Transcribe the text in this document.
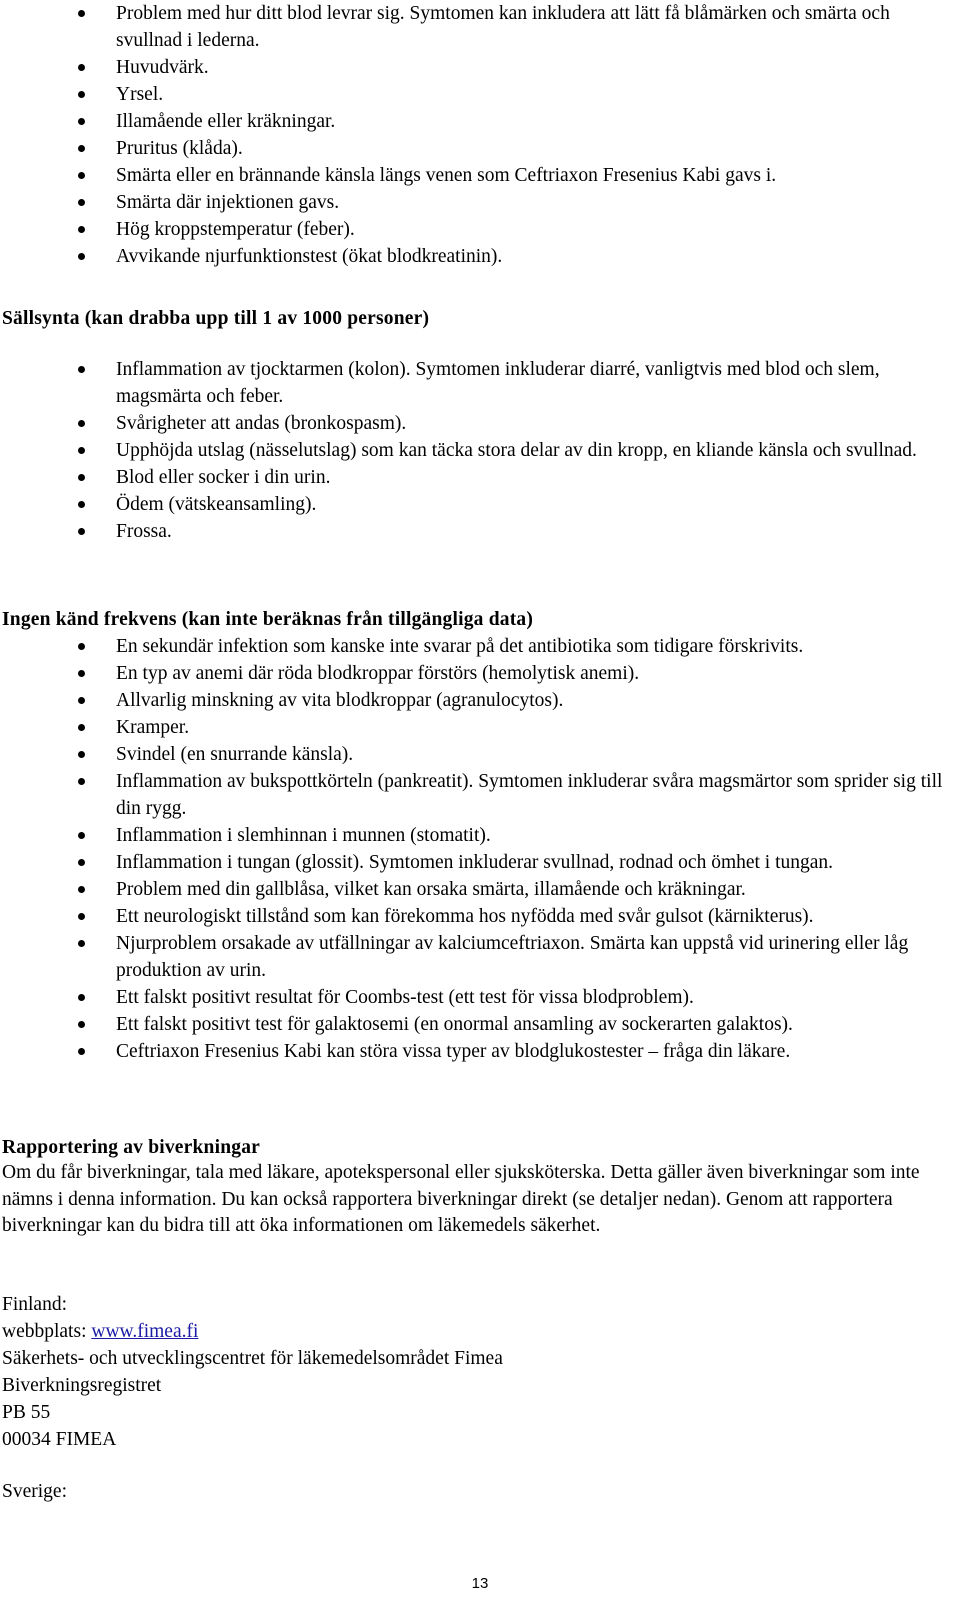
Problem med hur ditt blod levrar sig. Symtomen kan inkludera att lätt få blåmärken och smärta och svullnad i lederna.
Huvudvärk.
Yrsel.
Illamående eller kräkningar.
Pruritus (klåda).
Smärta eller en brännande känsla längs venen som Ceftriaxon Fresenius Kabi gavs i.
Smärta där injektionen gavs.
Hög kroppstemperatur (feber).
Avvikande njurfunktionstest (ökat blodkreatinin).
Sällsynta (kan drabba upp till 1 av 1000 personer)
Inflammation av tjocktarmen (kolon). Symtomen inkluderar diarré, vanligtvis med blod och slem, magsmärta och feber.
Svårigheter att andas (bronkospasm).
Upphöjda utslag (nässelutslag) som kan täcka stora delar av din kropp, en kliande känsla och svullnad.
Blod eller socker i din urin.
Ödem (vätskeansamling).
Frossa.
Ingen känd frekvens (kan inte beräknas från tillgängliga data)
En sekundär infektion som kanske inte svarar på det antibiotika som tidigare förskrivits.
En typ av anemi där röda blodkroppar förstörs (hemolytisk anemi).
Allvarlig minskning av vita blodkroppar (agranulocytos).
Kramper.
Svindel (en snurrande känsla).
Inflammation av bukspottkörteln (pankreatit). Symtomen inkluderar svåra magsmärtor som sprider sig till din rygg.
Inflammation i slemhinnan i munnen (stomatit).
Inflammation i tungan (glossit). Symtomen inkluderar svullnad, rodnad och ömhet i tungan.
Problem med din gallblåsa, vilket kan orsaka smärta, illamående och kräkningar.
Ett neurologiskt tillstånd som kan förekomma hos nyfödda med svår gulsot (kärnikterus).
Njurproblem orsakade av utfällningar av kalciumceftriaxon. Smärta kan uppstå vid urinering eller låg produktion av urin.
Ett falskt positivt resultat för Coombs-test (ett test för vissa blodproblem).
Ett falskt positivt test för galaktosemi (en onormal ansamling av sockerarten galaktos).
Ceftriaxon Fresenius Kabi kan störa vissa typer av blodglukostester – fråga din läkare.
Rapportering av biverkningar
Om du får biverkningar, tala med läkare, apotekspersonal eller sjuksköterska. Detta gäller även biverkningar som inte nämns i denna information. Du kan också rapportera biverkningar direkt (se detaljer nedan). Genom att rapportera biverkningar kan du bidra till att öka informationen om läkemedels säkerhet.
Finland:
webbplats: www.fimea.fi
Säkerhets- och utvecklingscentret för läkemedelsområdet Fimea
Biverkningsregistret
PB 55
00034 FIMEA
Sverige:
13
